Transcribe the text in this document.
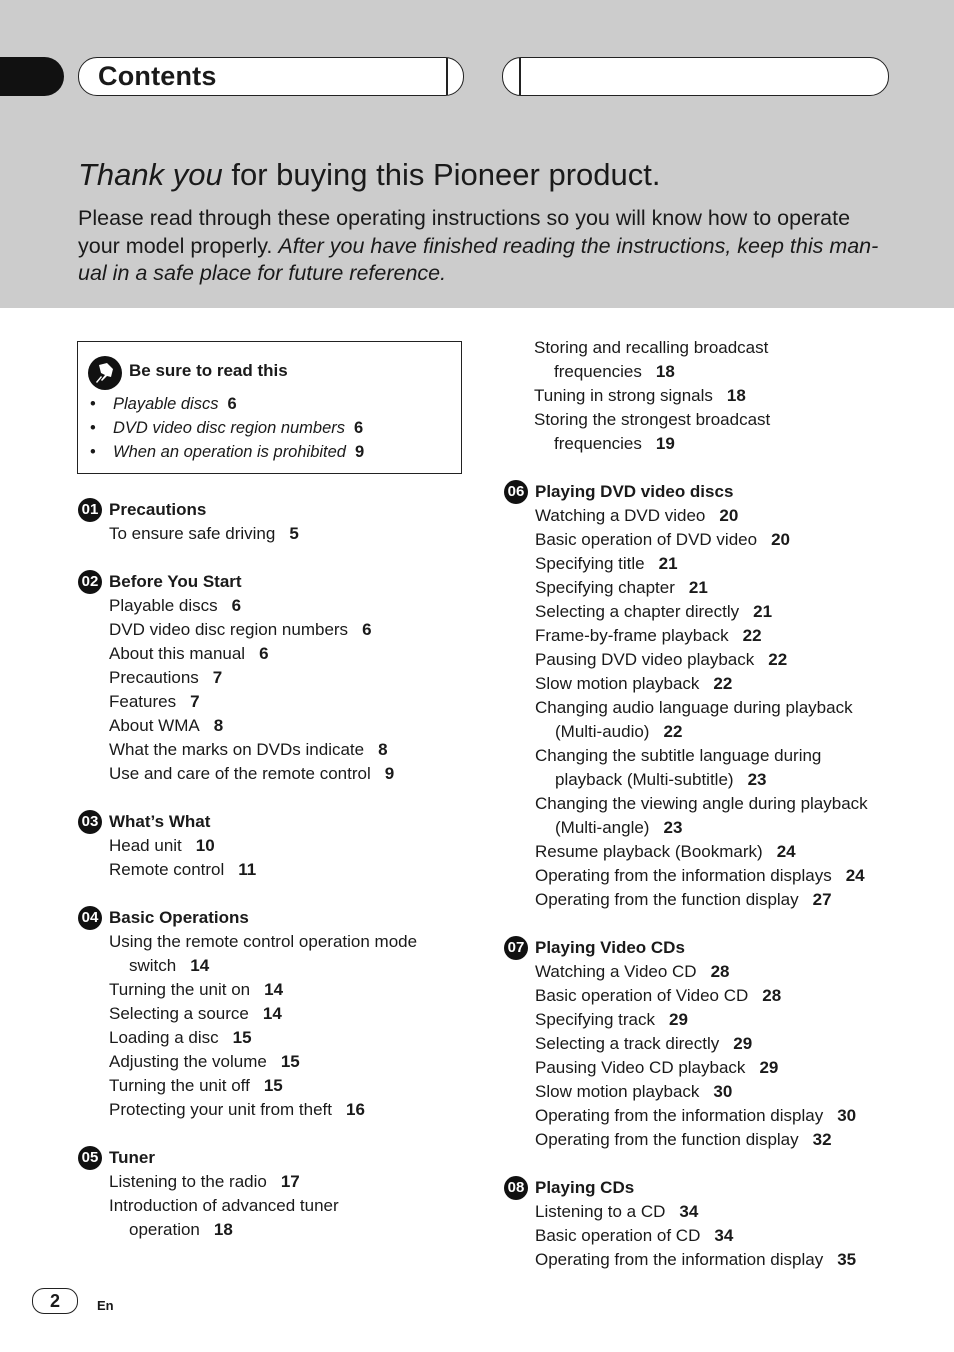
Contents
Thank you for buying this Pioneer product.
Please read through these operating instructions so you will know how to operate your model properly. After you have finished reading the instructions, keep this man-ual in a safe place for future reference.
Be sure to read this
• Playable discs 6
• DVD video disc region numbers 6
• When an operation is prohibited 9
01 Precautions
To ensure safe driving 5
02 Before You Start
Playable discs 6
DVD video disc region numbers 6
About this manual 6
Precautions 7
Features 7
About WMA 8
What the marks on DVDs indicate 8
Use and care of the remote control 9
03 What’s What
Head unit 10
Remote control 11
04 Basic Operations
Using the remote control operation mode
switch 14
Turning the unit on 14
Selecting a source 14
Loading a disc 15
Adjusting the volume 15
Turning the unit off 15
Protecting your unit from theft 16
05 Tuner
Listening to the radio 17
Introduction of advanced tuner
operation 18
Storing and recalling broadcast
frequencies 18
Tuning in strong signals 18
Storing the strongest broadcast
frequencies 19
06 Playing DVD video discs
Watching a DVD video 20
Basic operation of DVD video 20
Specifying title 21
Specifying chapter 21
Selecting a chapter directly 21
Frame-by-frame playback 22
Pausing DVD video playback 22
Slow motion playback 22
Changing audio language during playback
(Multi-audio) 22
Changing the subtitle language during
playback (Multi-subtitle) 23
Changing the viewing angle during playback
(Multi-angle) 23
Resume playback (Bookmark) 24
Operating from the information displays 24
Operating from the function display 27
07 Playing Video CDs
Watching a Video CD 28
Basic operation of Video CD 28
Specifying track 29
Selecting a track directly 29
Pausing Video CD playback 29
Slow motion playback 30
Operating from the information display 30
Operating from the function display 32
08 Playing CDs
Listening to a CD 34
Basic operation of CD 34
Operating from the information display 35
2	En
